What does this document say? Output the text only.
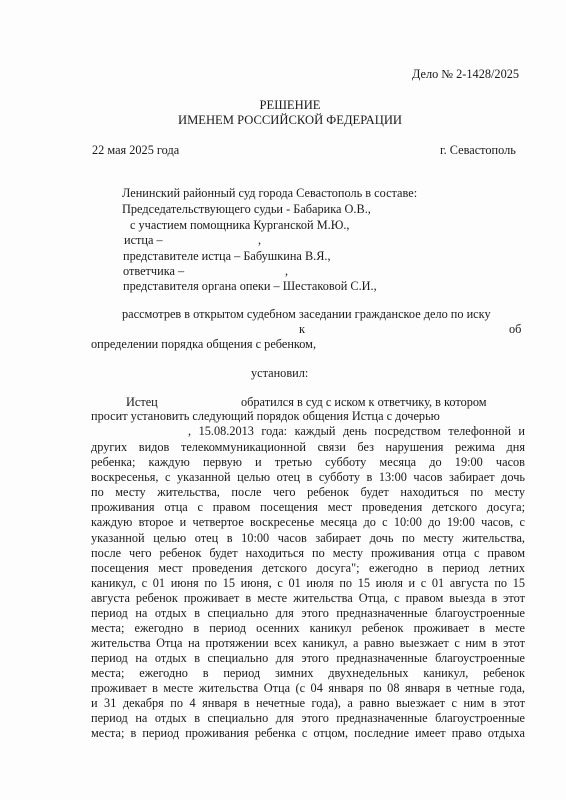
Дело № 2-1428/2025
РЕШЕНИЕ
ИМЕНЕМ РОССИЙСКОЙ ФЕДЕРАЦИИ
22 мая 2025 года	г. Севастополь
Ленинский районный суд города Севастополь в составе:
Председательствующего судьи - Бабарика О.В.,
с участием помощника Курганской М.Ю.,
истца –	,
представителе истца – Бабушкина В.Я.,
ответчика –	,
представителя органа опеки – Шестаковой С.И.,
рассмотрев в открытом судебном заседании гражданское дело по иску
к	об
определении порядка общения с ребенком,
установил:
Истец	обратился в суд с иском к ответчику, в котором
просит установить следующий порядок общения Истца с дочерью
, 15.08.2013 года: каждый день посредством телефонной и
других видов телекоммуникационной связи без нарушения режима дня
ребенка; каждую первую и третью субботу месяца до 19:00 часов
воскресенья, с указанной целью отец в субботу в 13:00 часов забирает дочь
по месту жительства, после чего ребенок будет находиться по месту
проживания отца с правом посещения мест проведения детского досуга;
каждую второе и четвертое воскресенье месяца до с 10:00 до 19:00 часов, с
указанной целью отец в 10:00 часов забирает дочь по месту жительства,
после чего ребенок будет находиться по месту проживания отца с правом
посещения мест проведения детского досуга"; ежегодно в период летних
каникул, с 01 июня по 15 июня, с 01 июля по 15 июля и с 01 августа по 15
августа ребенок проживает в месте жительства Отца, с правом выезда в этот
период на отдых в специально для этого предназначенные благоустроенные
места; ежегодно в период осенних каникул ребенок проживает в месте
жительства Отца на протяжении всех каникул, а равно выезжает с ним в этот
период на отдых в специально для этого предназначенные благоустроенные
места; ежегодно в период зимних двухнедельных каникул, ребенок
проживает в месте жительства Отца (с 04 января по 08 января в четные года,
и 31 декабря по 4 января в нечетные года), а равно выезжает с ним в этот
период на отдых в специально для этого предназначенные благоустроенные
места; в период проживания ребенка с отцом, последние имеет право отдыха
